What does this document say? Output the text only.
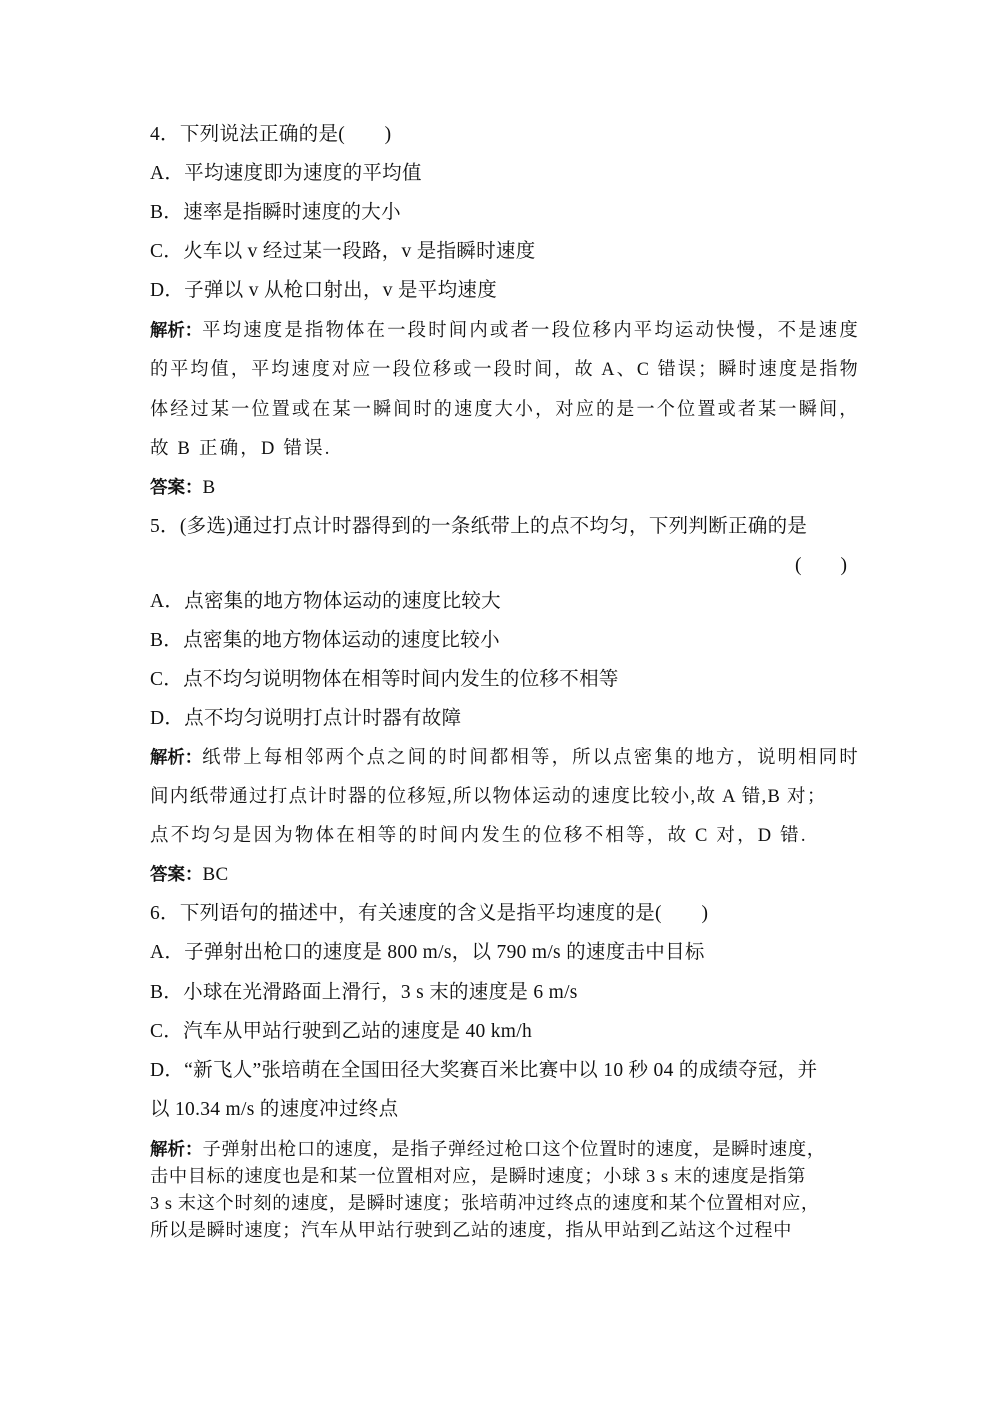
4．下列说法正确的是(　　)
A．平均速度即为速度的平均值
B．速率是指瞬时速度的大小
C．火车以 v 经过某一段路，v 是指瞬时速度
D．子弹以 v 从枪口射出，v 是平均速度
解析：平均速度是指物体在一段时间内或者一段位移内平均运动快慢，不是速度
的平均值，平均速度对应一段位移或一段时间，故 A、C 错误；瞬时速度是指物
体经过某一位置或在某一瞬间时的速度大小，对应的是一个位置或者某一瞬间，
故 B 正确，D 错误.
答案：B
5．(多选)通过打点计时器得到的一条纸带上的点不均匀，下列判断正确的是
(　　)
A．点密集的地方物体运动的速度比较大
B．点密集的地方物体运动的速度比较小
C．点不均匀说明物体在相等时间内发生的位移不相等
D．点不均匀说明打点计时器有故障
解析：纸带上每相邻两个点之间的时间都相等，所以点密集的地方，说明相同时
间内纸带通过打点计时器的位移短,所以物体运动的速度比较小,故 A 错,B 对；
点不均匀是因为物体在相等的时间内发生的位移不相等，故 C 对，D 错.
答案：BC
6．下列语句的描述中，有关速度的含义是指平均速度的是(　　)
A．子弹射出枪口的速度是 800 m/s，以 790 m/s 的速度击中目标
B．小球在光滑路面上滑行，3 s 末的速度是 6 m/s
C．汽车从甲站行驶到乙站的速度是 40 km/h
D．“新飞人”张培萌在全国田径大奖赛百米比赛中以 10 秒 04 的成绩夺冠，并
以 10.34 m/s 的速度冲过终点
解析：子弹射出枪口的速度，是指子弹经过枪口这个位置时的速度，是瞬时速度，
击中目标的速度也是和某一位置相对应，是瞬时速度；小球 3 s 末的速度是指第
3 s 末这个时刻的速度，是瞬时速度；张培萌冲过终点的速度和某个位置相对应，
所以是瞬时速度；汽车从甲站行驶到乙站的速度，指从甲站到乙站这个过程中
